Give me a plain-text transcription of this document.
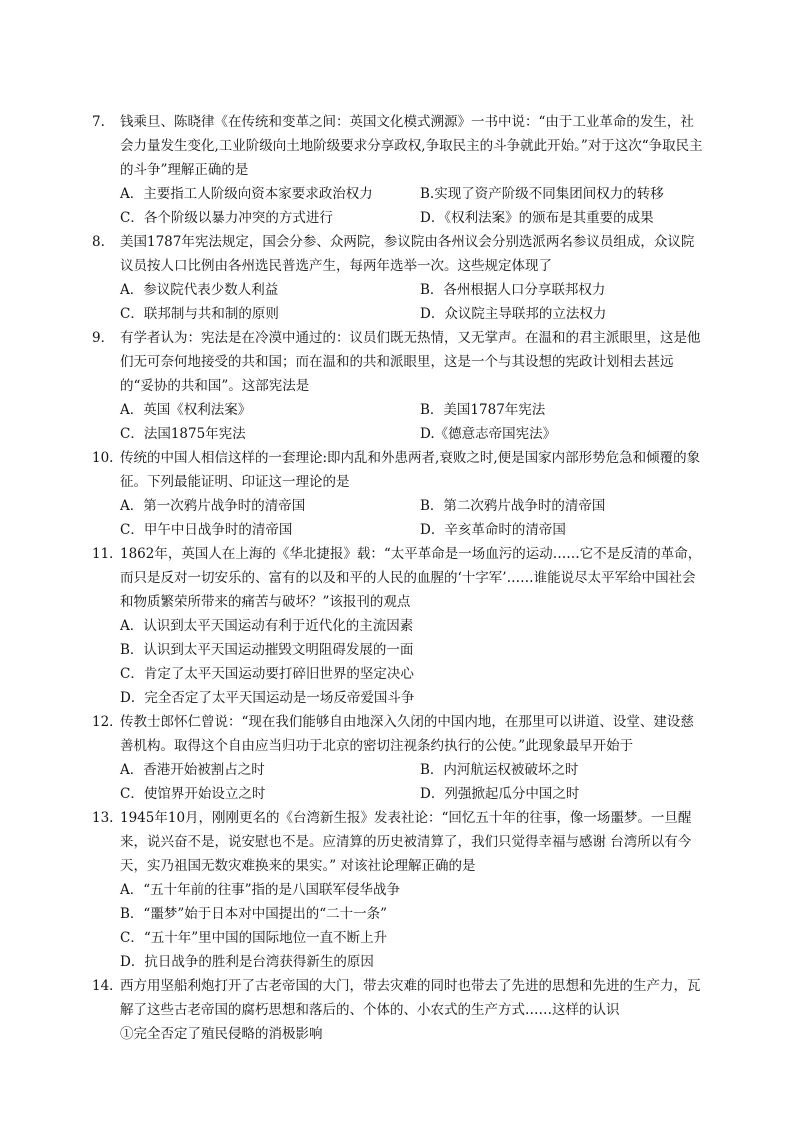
7. 钱乘旦、陈晓律《在传统和变革之间：英国文化模式溯源》一书中说：“由于工业革命的发生，社会力量发生变化,工业阶级向土地阶级要求分享政权,争取民主的斗争就此开始。”对于这次“争取民主的斗争”理解正确的是

A．主要指工人阶级向资本家要求政治权力	B.实现了资产阶级不同集团间权力的转移
C．各个阶级以暴力冲突的方式进行	D．《权利法案》的颁布是其重要的成果

8. 美国1787年宪法规定，国会分参、众两院，参议院由各州议会分别选派两名参议员组成，众议院议员按人口比例由各州选民普选产生，每两年选举一次。这些规定体现了

A．参议院代表少数人利益	B．各州根据人口分享联邦权力
C．联邦制与共和制的原则	D．众议院主导联邦的立法权力

9． 有学者认为：宪法是在冷漠中通过的：议员们既无热情，又无掌声。在温和的君主派眼里，这是他们无可奈何地接受的共和国；而在温和的共和派眼里，这是一个与其设想的宪政计划相去甚远的“妥协的共和国”。这部宪法是

A．英国《权利法案》	B．美国1787年宪法
C．法国1875年宪法	D.《德意志帝国宪法》

10. 传统的中国人相信这样的一套理论:即内乱和外患两者,衰败之时,便是国家内部形势危急和倾覆的象征。下列最能证明、印证这一理论的是

A．第一次鸦片战争时的清帝国	B．第二次鸦片战争时的清帝国
C．甲午中日战争时的清帝国	D．辛亥革命时的清帝国

11．1862年，英国人在上海的《华北捷报》载：“太平革命是一场血污的运动……它不是反清的革命，而只是反对一切安乐的、富有的以及和平的人民的血腥的‘十字军’……谁能说尽太平军给中国社会和物质繁荣所带来的痛苦与破坏？”该报刊的观点

A．认识到太平天国运动有利于近代化的主流因素
B．认识到太平天国运动摧毁文明阻碍发展的一面
C．肯定了太平天国运动要打碎旧世界的坚定决心
D．完全否定了太平天国运动是一场反帝爱国斗争

12．传教士郎怀仁曾说：“现在我们能够自由地深入久闭的中国内地，在那里可以讲道、设堂、建设慈善机构。取得这个自由应当归功于北京的密切注视条约执行的公使。”此现象最早开始于

A．香港开始被割占之时	B．内河航运权被破坏之时
C．使馆界开始设立之时	D．列强掀起瓜分中国之时

13. 1945年10月，刚刚更名的《台湾新生报》发表社论：“回忆五十年的往事，像一场噩梦。一旦醒来，说兴奋不是，说安慰也不是。应清算的历史被清算了，我们只觉得幸福与感谢 台湾所以有今天，实乃祖国无数灾难换来的果实。” 对该社论理解正确的是

A．“五十年前的往事”指的是八国联军侵华战争
B．“噩梦”始于日本对中国提出的“二十一条”
C．“五十年”里中国的国际地位一直不断上升
D．抗日战争的胜利是台湾获得新生的原因

14．西方用坚船利炮打开了古老帝国的大门，带去灾难的同时也带去了先进的思想和先进的生产力，瓦解了这些古老帝国的腐朽思想和落后的、个体的、小农式的生产方式……这样的认识

①完全否定了殖民侵略的消极影响
